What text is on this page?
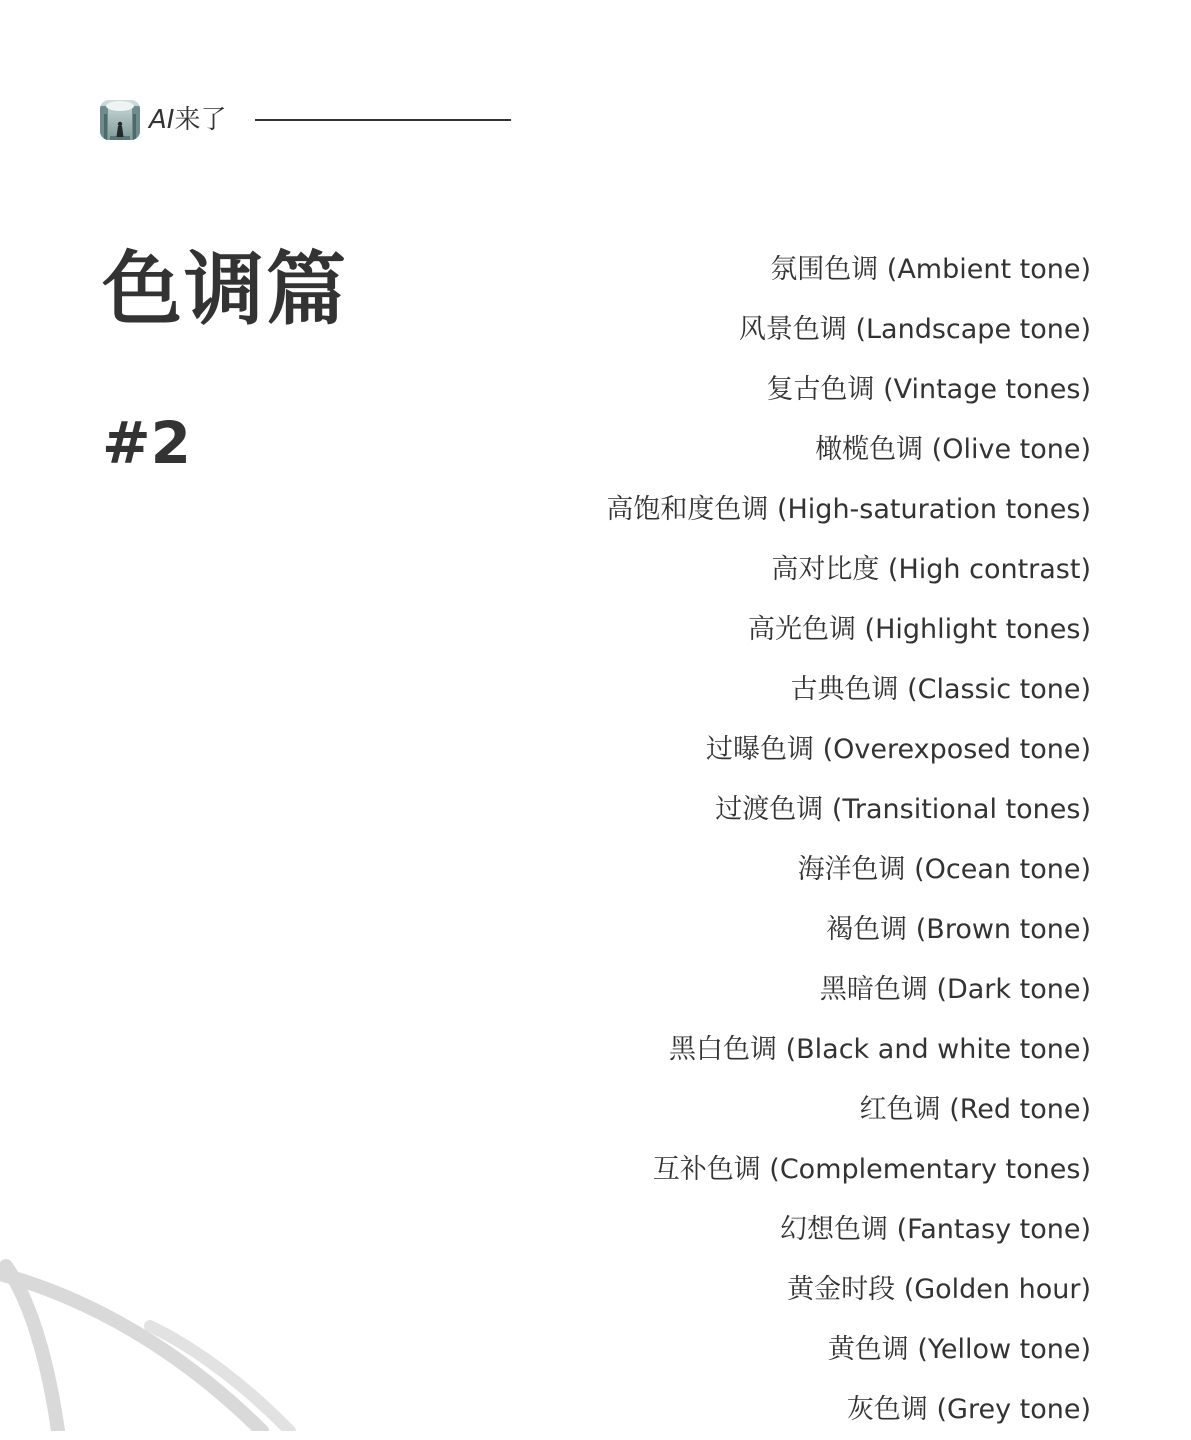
AI来了
色调篇
#2
氛围色调 (Ambient tone)
风景色调 (Landscape tone)
复古色调 (Vintage tones)
橄榄色调 (Olive tone)
高饱和度色调 (High-saturation tones)
高对比度 (High contrast)
高光色调 (Highlight tones)
古典色调 (Classic tone)
过曝色调 (Overexposed tone)
过渡色调 (Transitional tones)
海洋色调 (Ocean tone)
褐色调 (Brown tone)
黑暗色调 (Dark tone)
黑白色调 (Black and white tone)
红色调 (Red tone)
互补色调 (Complementary tones)
幻想色调 (Fantasy tone)
黄金时段 (Golden hour)
黄色调 (Yellow tone)
灰色调 (Grey tone)
